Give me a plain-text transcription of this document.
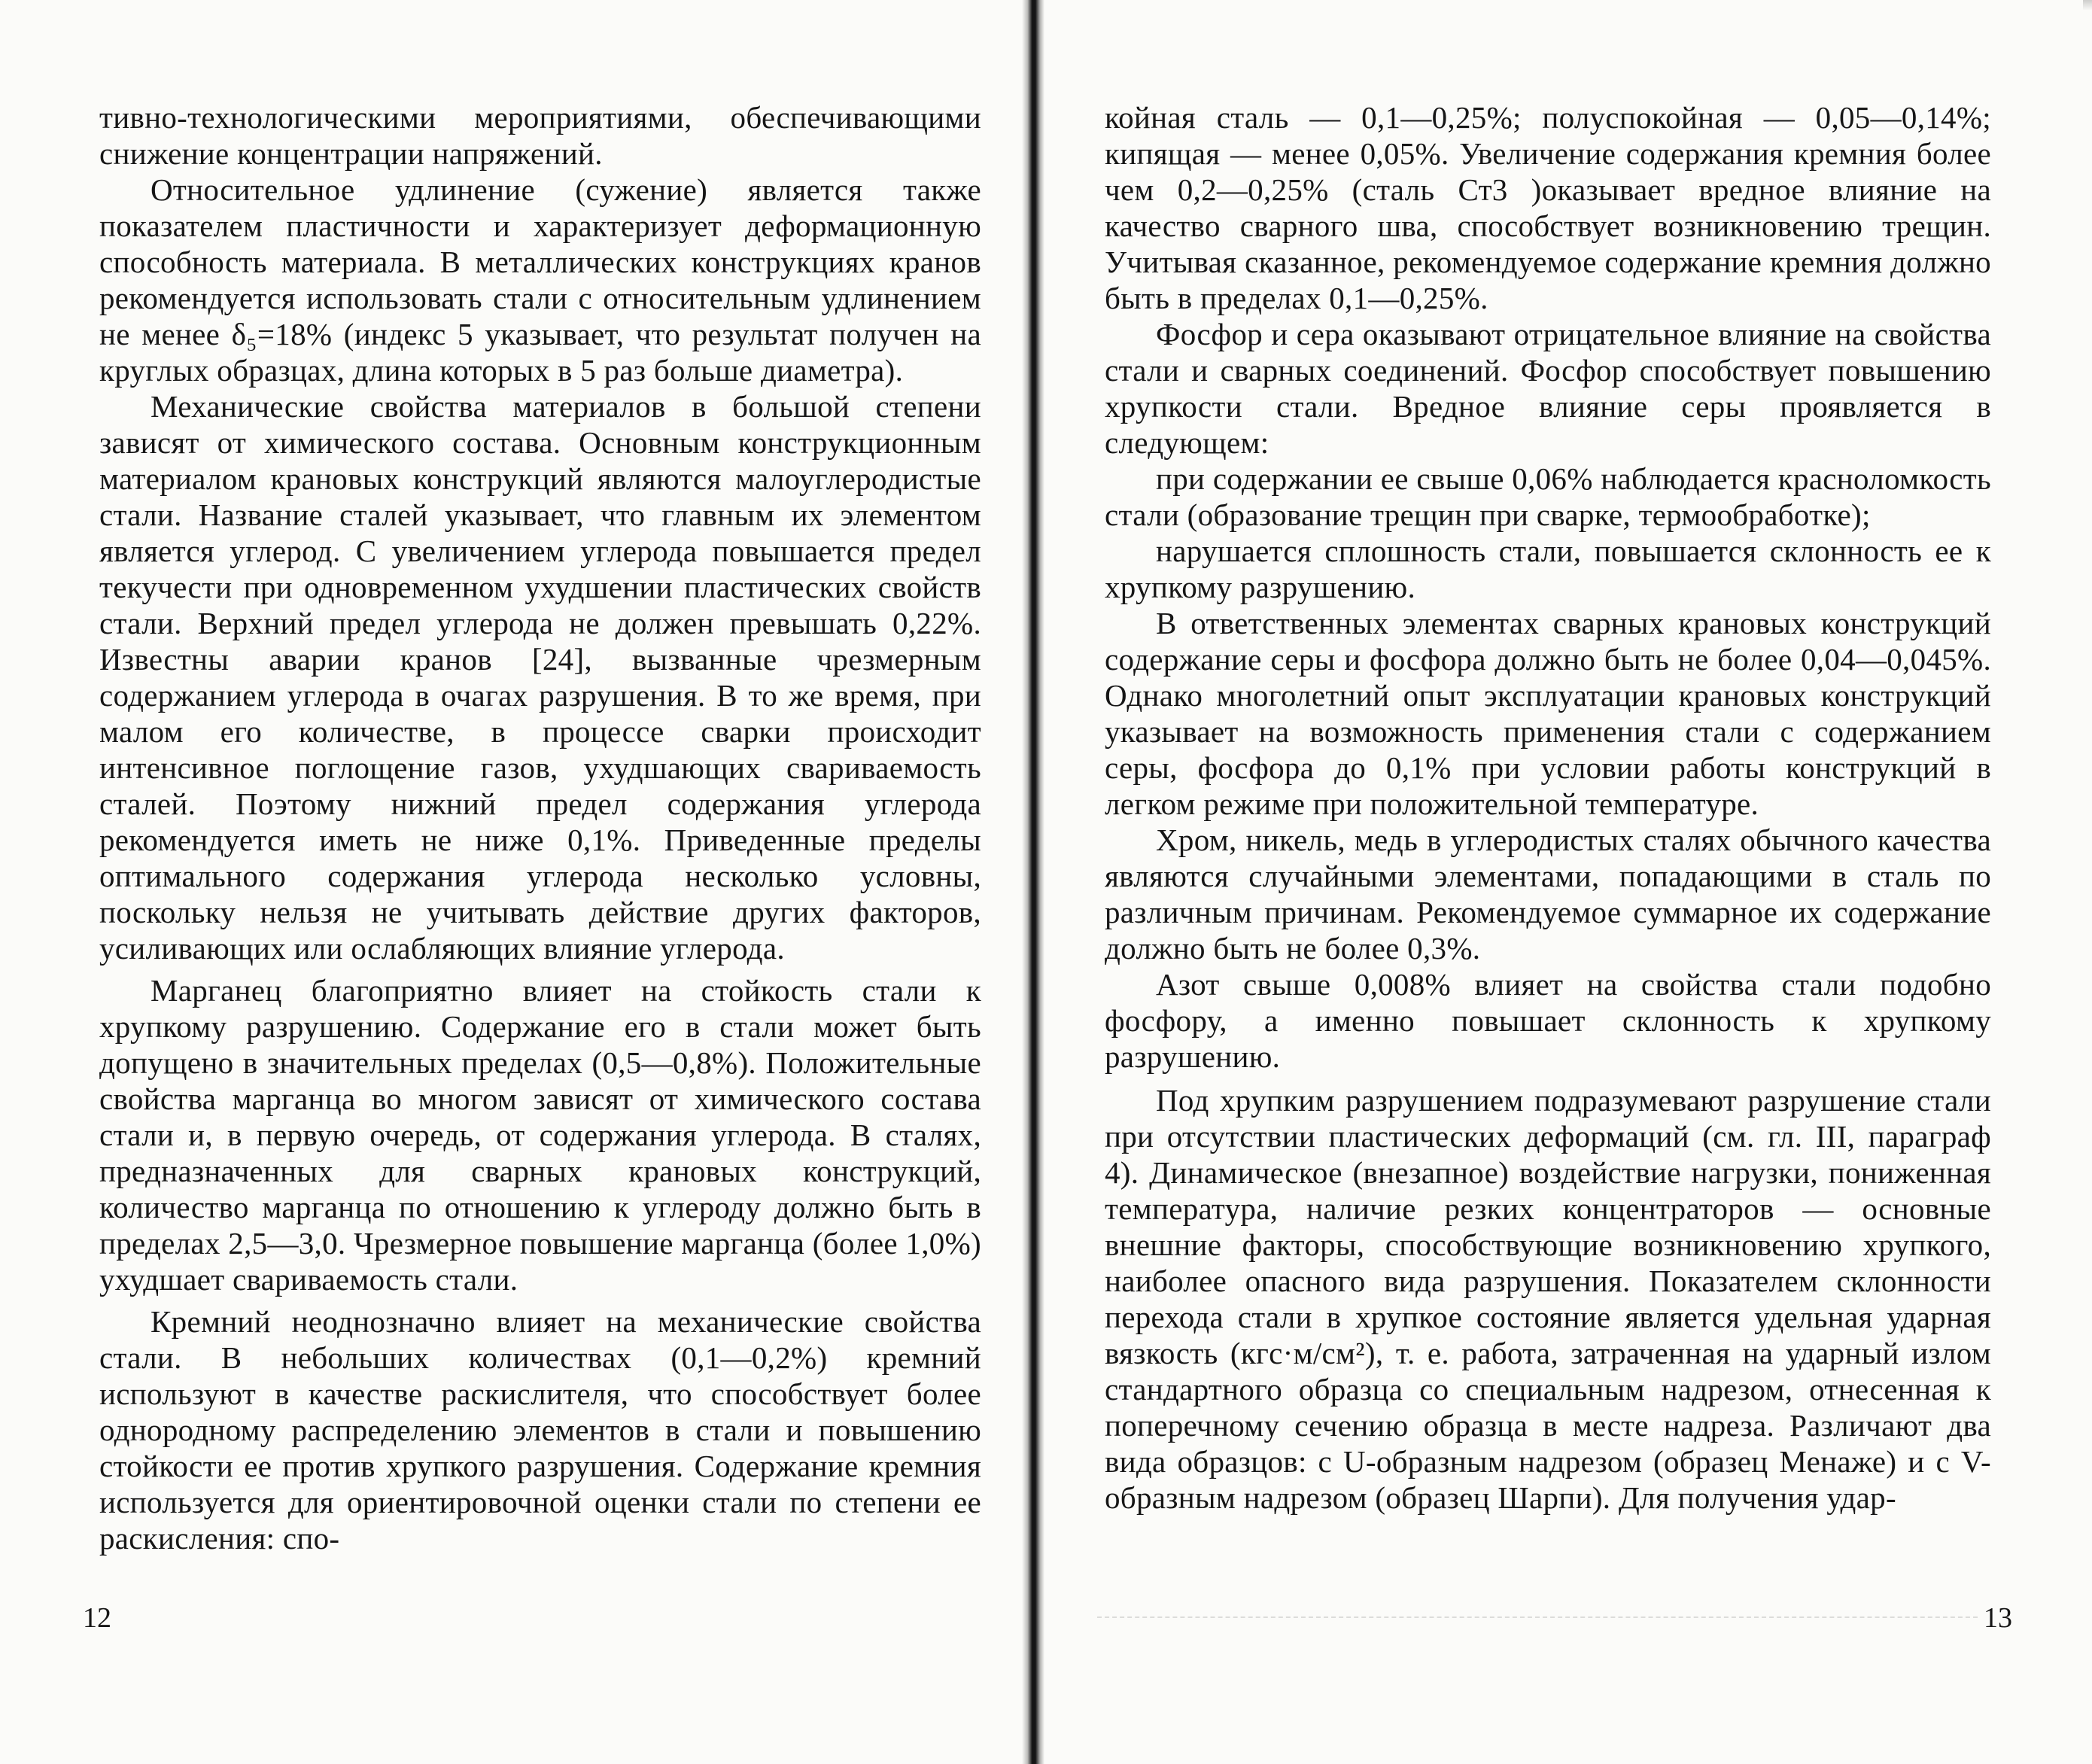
тивно-технологическими мероприятиями, обеспечивающими снижение концентрации напряжений.

Относительное удлинение (сужение) является также показателем пластичности и характеризует деформационную способность материала. В металлических конструкциях кранов рекомендуется использовать стали с относительным удлинением не менее δ₅=18% (индекс 5 указывает, что результат получен на круглых образцах, длина которых в 5 раз больше диаметра).

Механические свойства материалов в большой степени зависят от химического состава. Основным конструкционным материалом крановых конструкций являются малоуглеродистые стали. Название сталей указывает, что главным их элементом является углерод. С увеличением углерода повышается предел текучести при одновременном ухудшении пластических свойств стали. Верхний предел углерода не должен превышать 0,22%. Известны аварии кранов [24], вызванные чрезмерным содержанием углерода в очагах разрушения. В то же время, при малом его количестве, в процессе сварки происходит интенсивное поглощение газов, ухудшающих свариваемость сталей. Поэтому нижний предел содержания углерода рекомендуется иметь не ниже 0,1%. Приведенные пределы оптимального содержания углерода несколько условны, поскольку нельзя не учитывать действие других факторов, усиливающих или ослабляющих влияние углерода.

Марганец благоприятно влияет на стойкость стали к хрупкому разрушению. Содержание его в стали может быть допущено в значительных пределах (0,5—0,8%). Положительные свойства марганца во многом зависят от химического состава стали и, в первую очередь, от содержания углерода. В сталях, предназначенных для сварных крановых конструкций, количество марганца по отношению к углероду должно быть в пределах 2,5—3,0. Чрезмерное повышение марганца (более 1,0%) ухудшает свариваемость стали.

Кремний неоднозначно влияет на механические свойства стали. В небольших количествах (0,1—0,2%) кремний используют в качестве раскислителя, что способствует более однородному распределению элементов в стали и повышению стойкости ее против хрупкого разрушения. Содержание кремния используется для ориентировочной оценки стали по степени ее раскисления: спо-

12

койная сталь — 0,1—0,25%; полуспокойная — 0,05—0,14%; кипящая — менее 0,05%. Увеличение содержания кремния более чем 0,2—0,25% (сталь Ст3 )оказывает вредное влияние на качество сварного шва, способствует возникновению трещин. Учитывая сказанное, рекомендуемое содержание кремния должно быть в пределах 0,1—0,25%.

Фосфор и сера оказывают отрицательное влияние на свойства стали и сварных соединений. Фосфор способствует повышению хрупкости стали. Вредное влияние серы проявляется в следующем:

при содержании ее свыше 0,06% наблюдается красноломкость стали (образование трещин при сварке, термообработке);

нарушается сплошность стали, повышается склонность ее к хрупкому разрушению.

В ответственных элементах сварных крановых конструкций содержание серы и фосфора должно быть не более 0,04—0,045%. Однако многолетний опыт эксплуатации крановых конструкций указывает на возможность применения стали с содержанием серы, фосфора до 0,1% при условии работы конструкций в легком режиме при положительной температуре.

Хром, никель, медь в углеродистых сталях обычного качества являются случайными элементами, попадающими в сталь по различным причинам. Рекомендуемое суммарное их содержание должно быть не более 0,3%.

Азот свыше 0,008% влияет на свойства стали подобно фосфору, а именно повышает склонность к хрупкому разрушению.

Под хрупким разрушением подразумевают разрушение стали при отсутствии пластических деформаций (см. гл. III, параграф 4). Динамическое (внезапное) воздействие нагрузки, пониженная температура, наличие резких концентраторов — основные внешние факторы, способствующие возникновению хрупкого, наиболее опасного вида разрушения. Показателем склонности перехода стали в хрупкое состояние является удельная ударная вязкость (кгс·м/см²), т. е. работа, затраченная на ударный излом стандартного образца со специальным надрезом, отнесенная к поперечному сечению образца в месте надреза. Различают два вида образцов: с U-образным надрезом (образец Менаже) и с V-образным надрезом (образец Шарпи). Для получения удар-

13
